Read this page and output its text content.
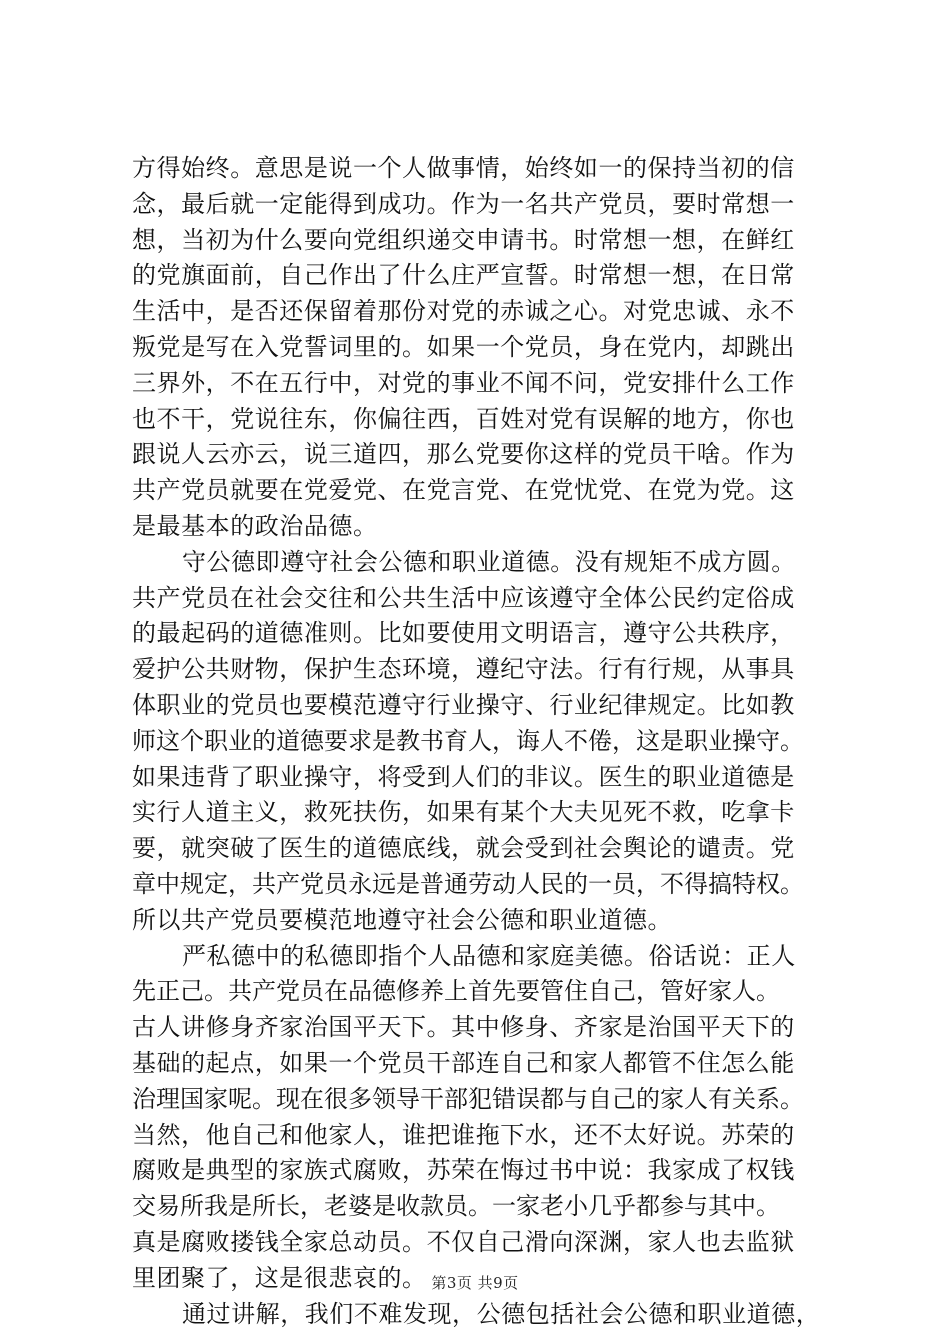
方得始终。意思是说一个人做事情，始终如一的保持当初的信
念，最后就一定能得到成功。作为一名共产党员，要时常想一
想，当初为什么要向党组织递交申请书。时常想一想，在鲜红
的党旗面前，自己作出了什么庄严宣誓。时常想一想，在日常
生活中，是否还保留着那份对党的赤诚之心。对党忠诚、永不
叛党是写在入党誓词里的。如果一个党员，身在党内，却跳出
三界外，不在五行中，对党的事业不闻不问，党安排什么工作
也不干，党说往东，你偏往西，百姓对党有误解的地方，你也
跟说人云亦云，说三道四，那么党要你这样的党员干啥。作为
共产党员就要在党爱党、在党言党、在党忧党、在党为党。这
是最基本的政治品德。
守公德即遵守社会公德和职业道德。没有规矩不成方圆。
共产党员在社会交往和公共生活中应该遵守全体公民约定俗成
的最起码的道德准则。比如要使用文明语言，遵守公共秩序，
爱护公共财物，保护生态环境，遵纪守法。行有行规，从事具
体职业的党员也要模范遵守行业操守、行业纪律规定。比如教
师这个职业的道德要求是教书育人，诲人不倦，这是职业操守。
如果违背了职业操守，将受到人们的非议。医生的职业道德是
实行人道主义，救死扶伤，如果有某个大夫见死不救，吃拿卡
要，就突破了医生的道德底线，就会受到社会舆论的谴责。党
章中规定，共产党员永远是普通劳动人民的一员，不得搞特权。
所以共产党员要模范地遵守社会公德和职业道德。
严私德中的私德即指个人品德和家庭美德。俗话说：正人
先正己。共产党员在品德修养上首先要管住自己，管好家人。
古人讲修身齐家治国平天下。其中修身、齐家是治国平天下的
基础的起点，如果一个党员干部连自己和家人都管不住怎么能
治理国家呢。现在很多领导干部犯错误都与自己的家人有关系。
当然，他自己和他家人，谁把谁拖下水，还不太好说。苏荣的
腐败是典型的家族式腐败，苏荣在悔过书中说：我家成了权钱
交易所我是所长，老婆是收款员。一家老小几乎都参与其中。
真是腐败搂钱全家总动员。不仅自己滑向深渊，家人也去监狱
里团聚了，这是很悲哀的。
通过讲解，我们不难发现，公德包括社会公德和职业道德，
第3页 共9页
